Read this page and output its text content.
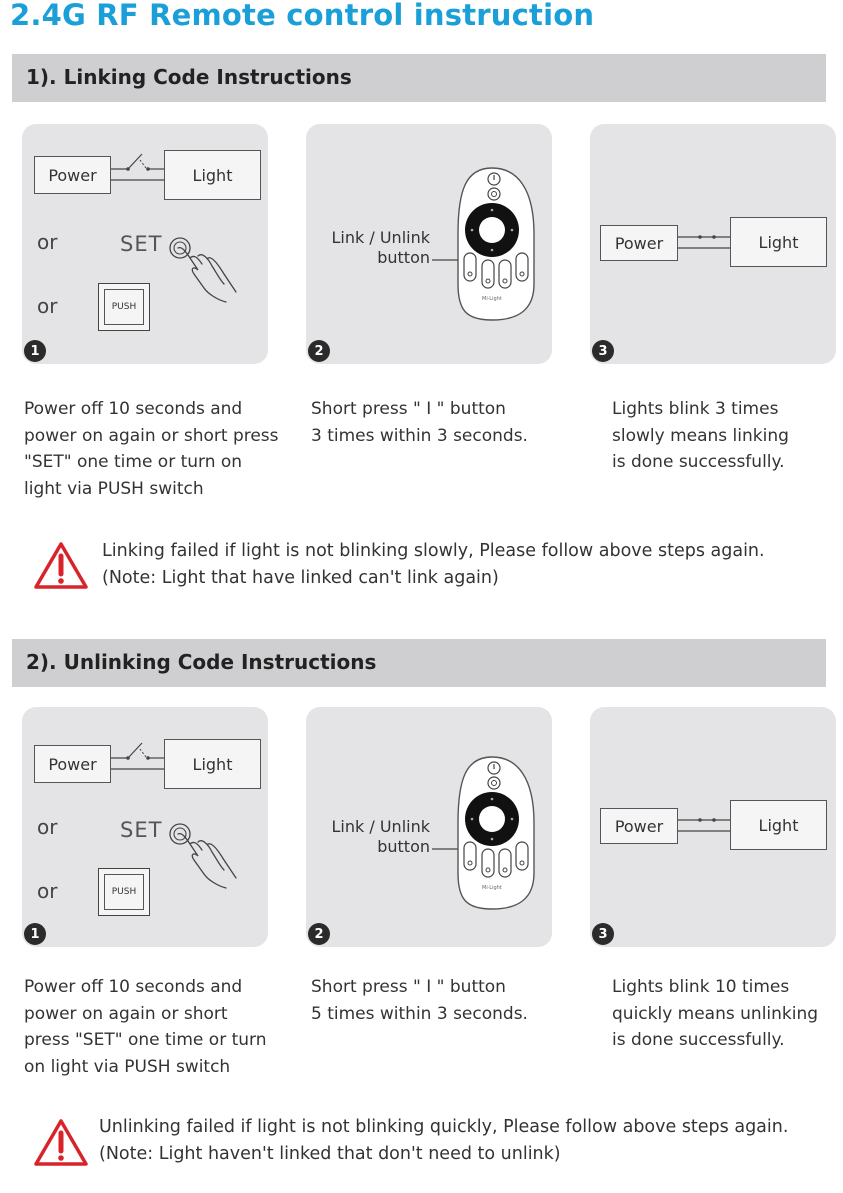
2.4G RF Remote control instruction
1). Linking Code Instructions
Power	Light
or	SET
or	PUSH
1
Link / Unlink
button
Mi·Light
2
Power	Light
3
Power off 10 seconds and
power on again or short press
"SET" one time or turn on
light via PUSH switch
Short press " I " button
3 times within 3 seconds.
Lights blink 3 times
slowly means linking
is done successfully.
Linking failed if light is not blinking slowly, Please follow above steps again.
(Note: Light that have linked can't link again)
2). Unlinking Code Instructions
Power	Light
or	SET
or	PUSH
1
Link / Unlink
button
Mi·Light
2
Power	Light
3
Power off 10 seconds and
power on again or short
press "SET" one time or turn
on light via PUSH switch
Short press " I " button
5 times within 3 seconds.
Lights blink 10 times
quickly means unlinking
is done successfully.
Unlinking failed if light is not blinking quickly, Please follow above steps again.
(Note: Light haven't linked that don't need to unlink)
